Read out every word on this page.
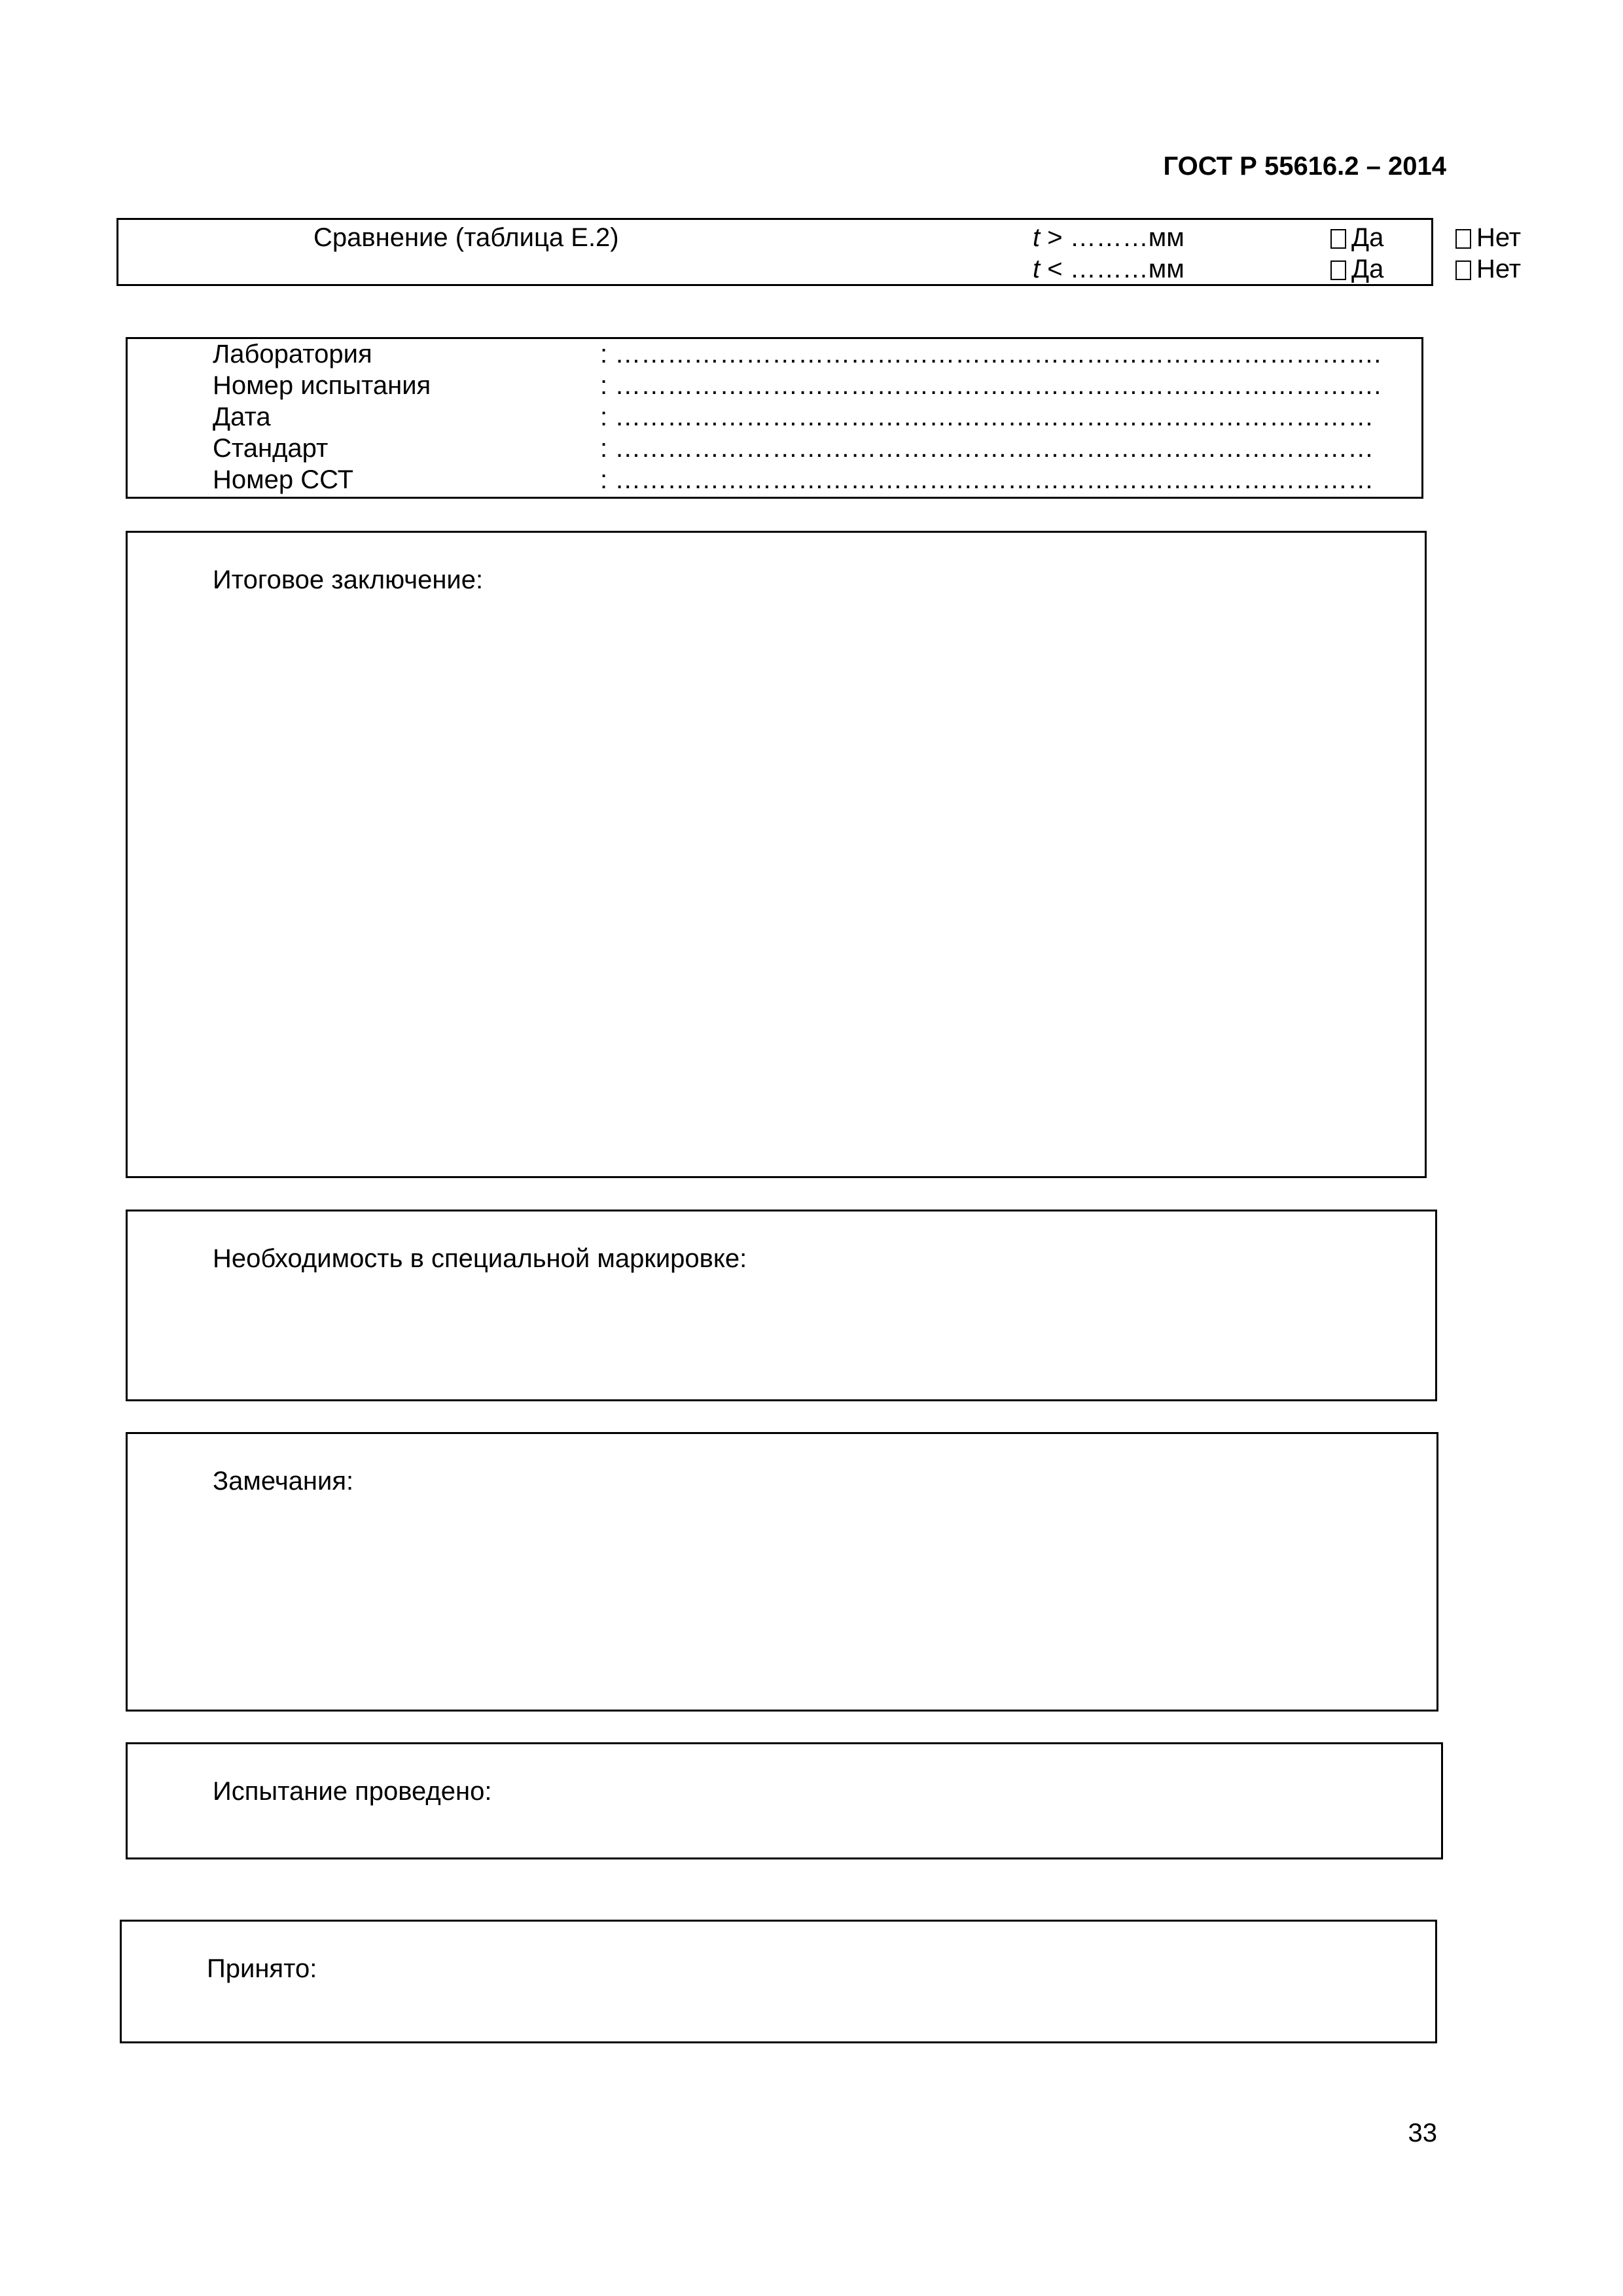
ГОСТ Р 55616.2 – 2014
Сравнение (таблица Е.2)	t > ………мм	Да	Нет
t < ………мм	Да	Нет
Лаборатория	: …………………………………………………………………………….
Номер испытания	: …………………………………………………………………………….
Дата	: ……………………………………………………………………………
Стандарт	: ……………………………………………………………………………
Номер ССТ	: ……………………………………………………………………………
Итоговое заключение:
Необходимость в специальной маркировке:
Замечания:
Испытание проведено:
Принято:
33
